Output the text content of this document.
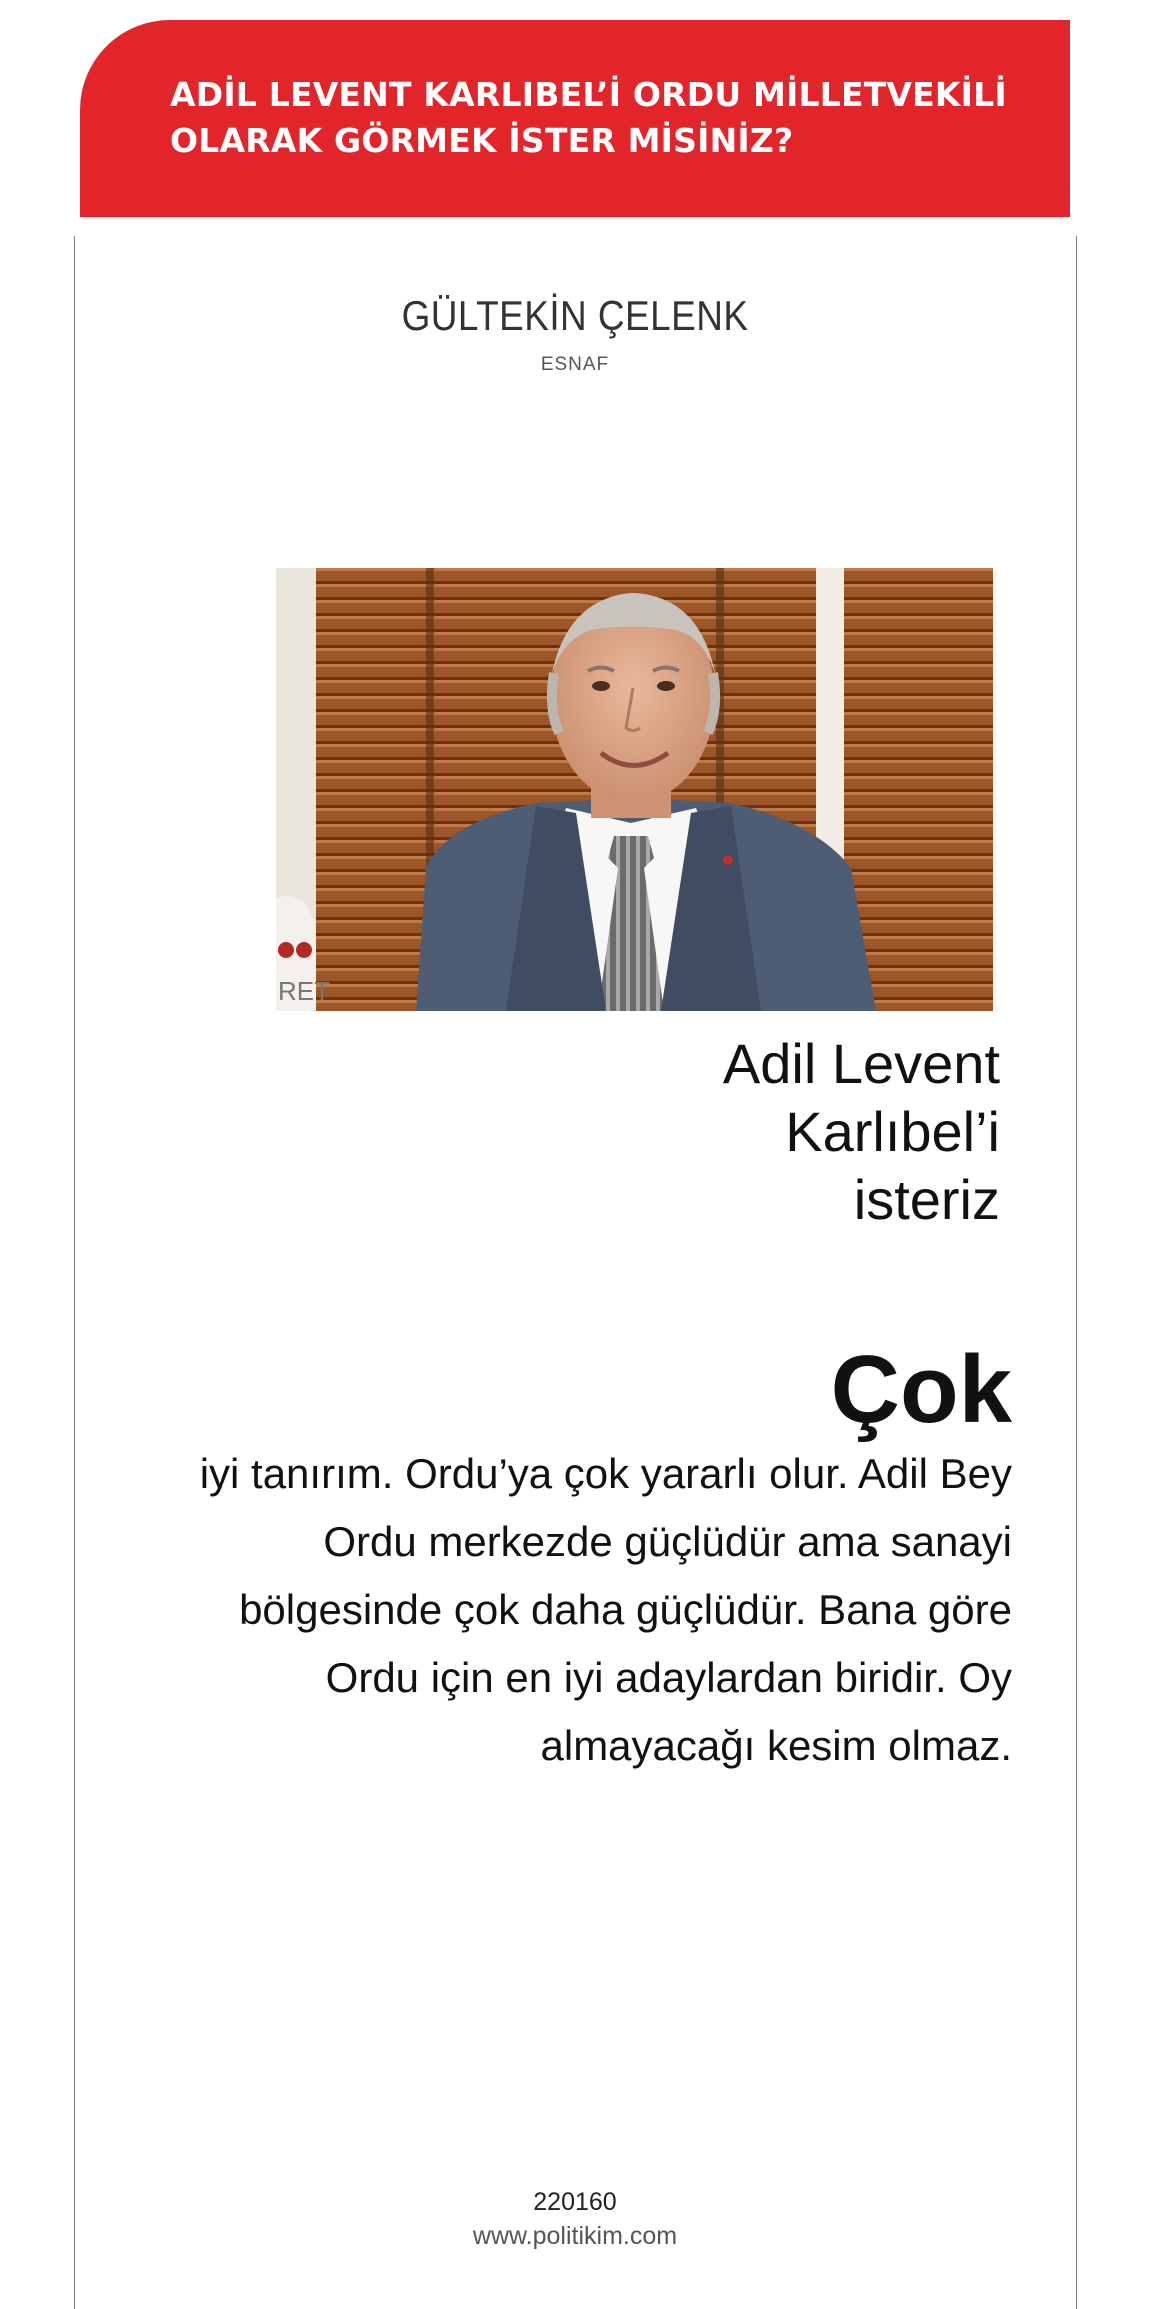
ADİL LEVENT KARLIBEL’İ ORDU MİLLETVEKİLİ
OLARAK GÖRMEK İSTER MİSİNİZ?
GÜLTEKİN ÇELENK
ESNAF
RET
Adil Levent
Karlıbel’i
isteriz
Çok

iyi tanırım. Ordu’ya çok yararlı olur. Adil Bey
Ordu merkezde güçlüdür ama sanayi
bölgesinde çok daha güçlüdür. Bana göre
Ordu için en iyi adaylardan biridir. Oy
almayacağı kesim olmaz.

220160
www.politikim.com
